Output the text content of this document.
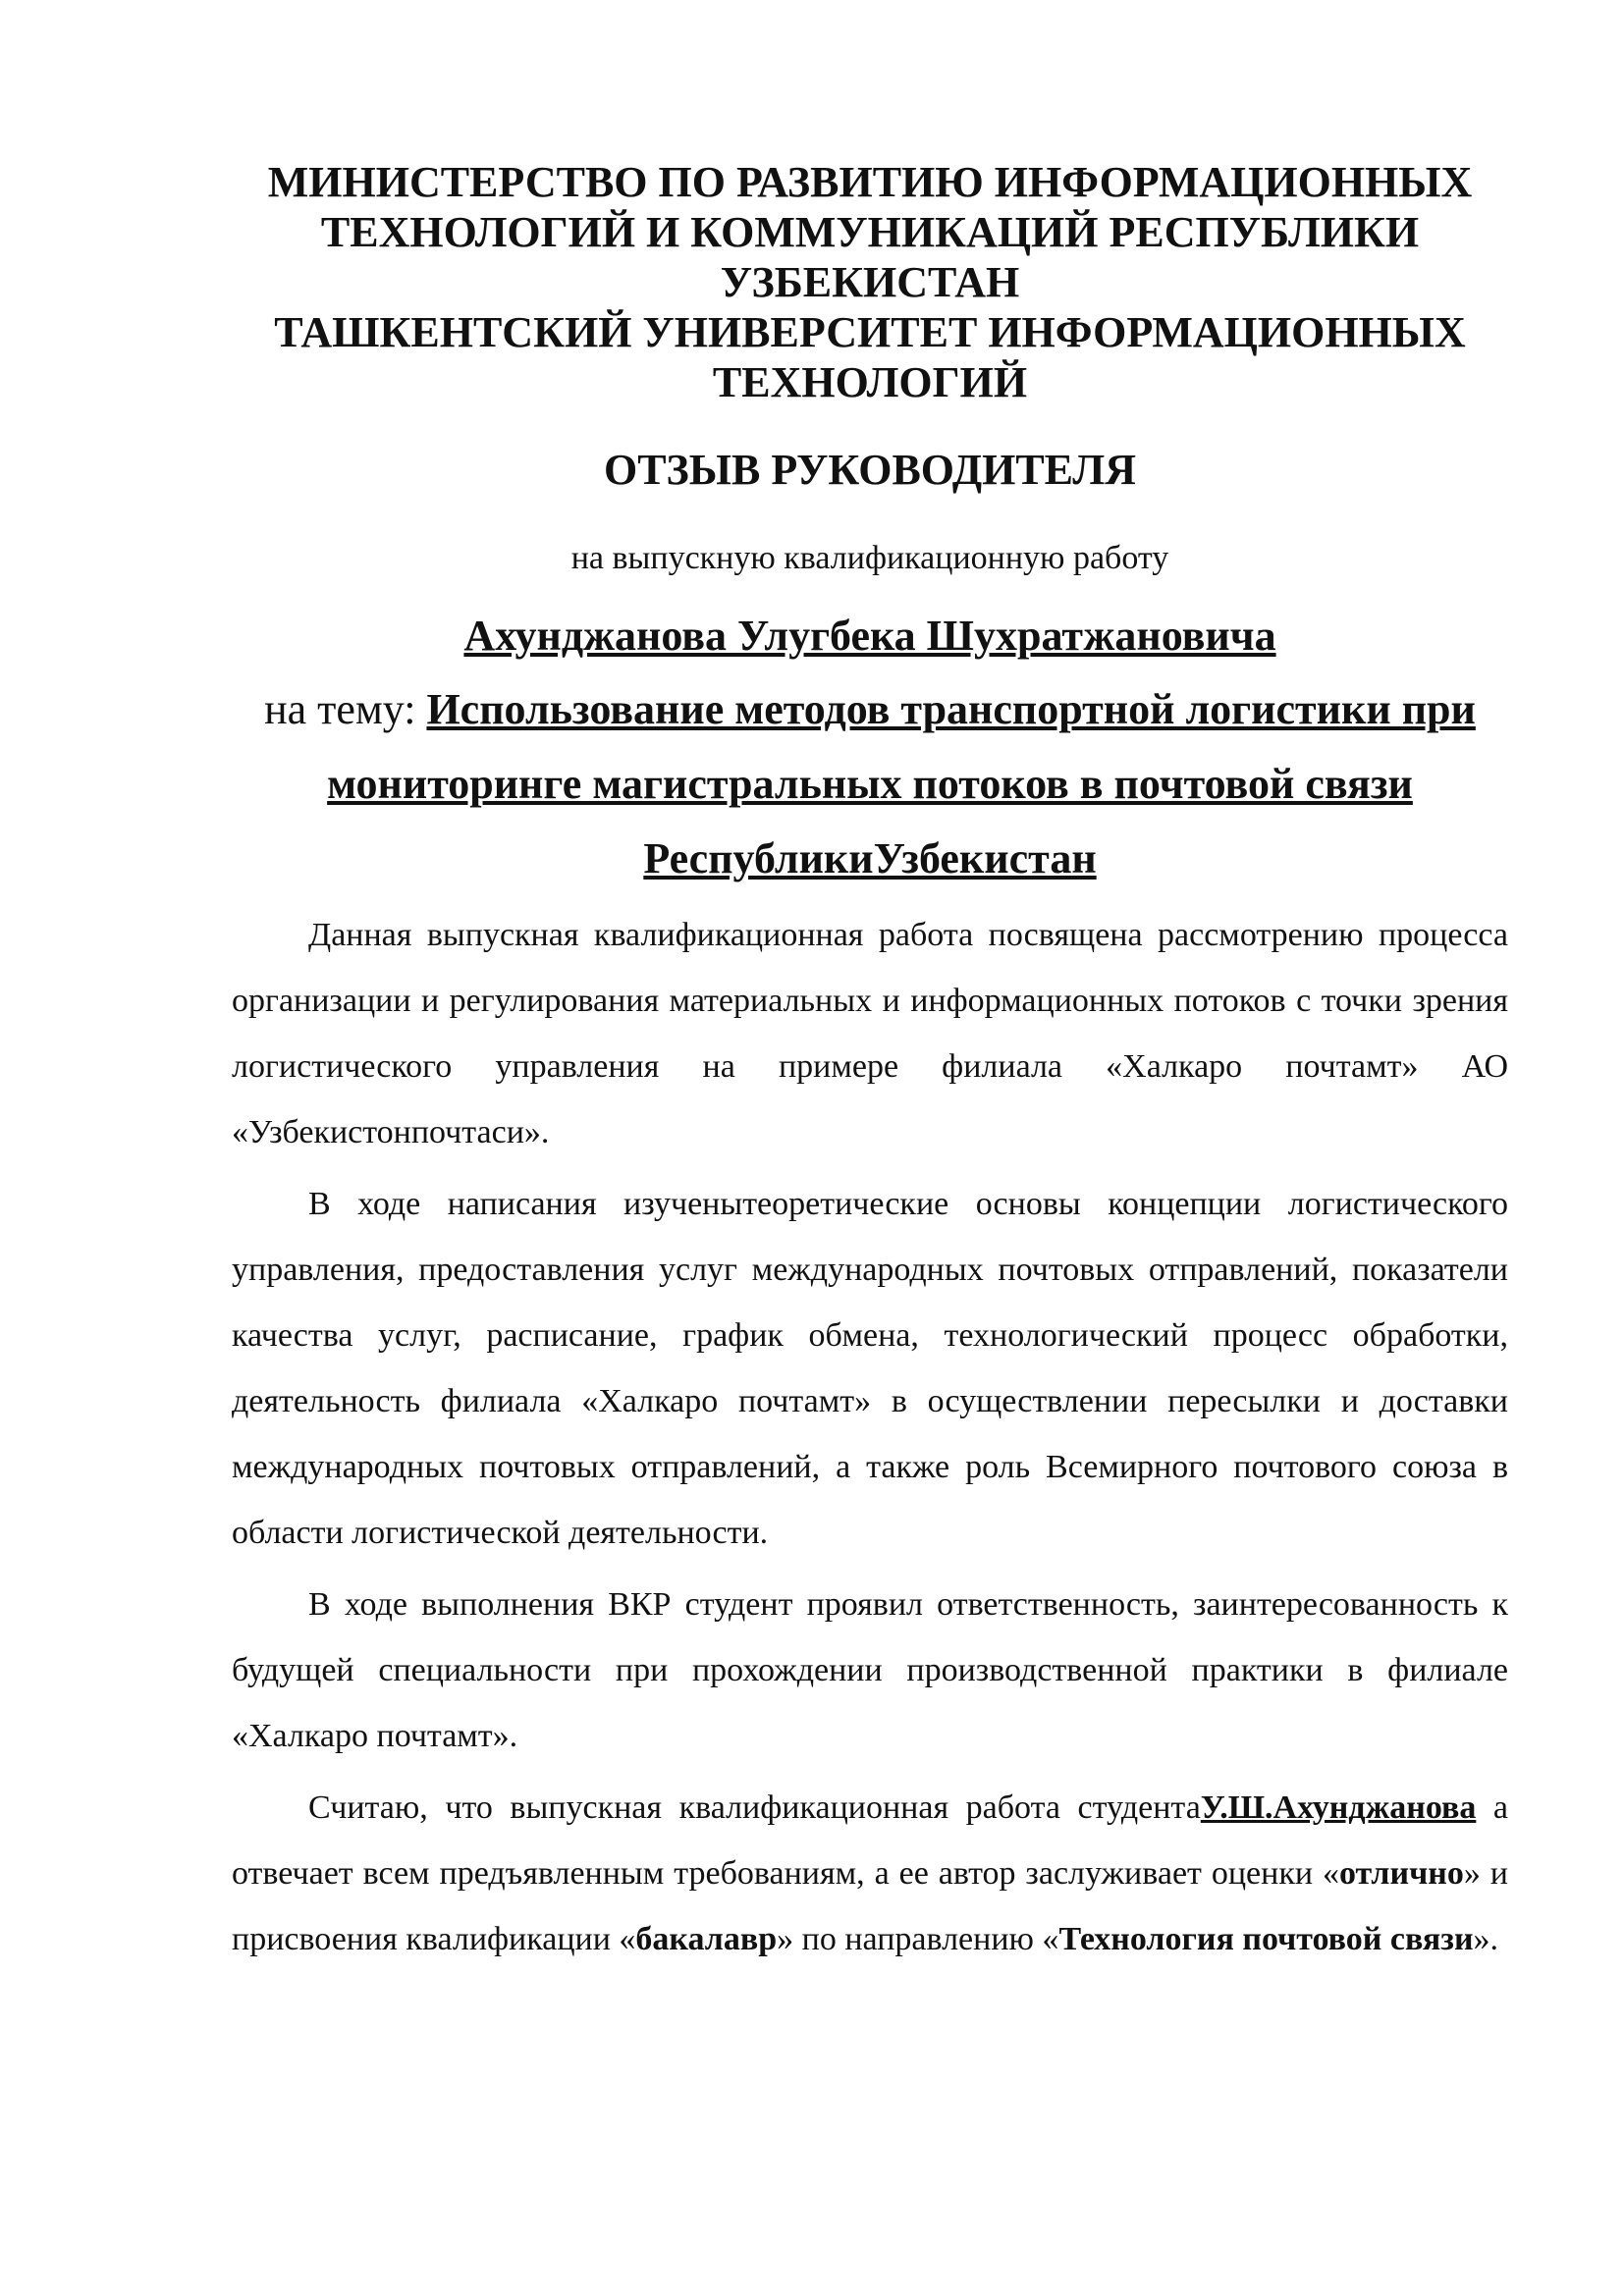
МИНИСТЕРСТВО ПО РАЗВИТИЮ ИНФОРМАЦИОННЫХ
ТЕХНОЛОГИЙ И КОММУНИКАЦИЙ РЕСПУБЛИКИ
УЗБЕКИСТАН
ТАШКЕНТСКИЙ УНИВЕРСИТЕТ ИНФОРМАЦИОННЫХ
ТЕХНОЛОГИЙ
ОТЗЫВ РУКОВОДИТЕЛЯ
на выпускную квалификационную работу
Ахунджанова Улугбека Шухратжановича
на тему: Использование методов транспортной логистики при мониторинге магистральных потоков в почтовой связи РеспубликиУзбекистан

Данная выпускная квалификационная работа посвящена рассмотрению процесса организации и регулирования материальных и информационных потоков с точки зрения логистического управления на примере филиала «Халкаро почтамт» АО «Узбекистонпочтаси».

В ходе написания изученытеоретические основы концепции логистического управления, предоставления услуг международных почтовых отправлений, показатели качества услуг, расписание, график обмена, технологический процесс обработки, деятельность филиала «Халкаро почтамт» в осуществлении пересылки и доставки международных почтовых отправлений, а также роль Всемирного почтового союза в области логистической деятельности.

В ходе выполнения ВКР студент проявил ответственность, заинтересованность к будущей специальности при прохождении производственной практики в филиале «Халкаро почтамт».

Считаю, что выпускная квалификационная работа студентаУ.Ш.Ахунджанова а отвечает всем предъявленным требованиям, а ее автор заслуживает оценки «отлично» и присвоения квалификации «бакалавр» по направлению «Технология почтовой связи».
